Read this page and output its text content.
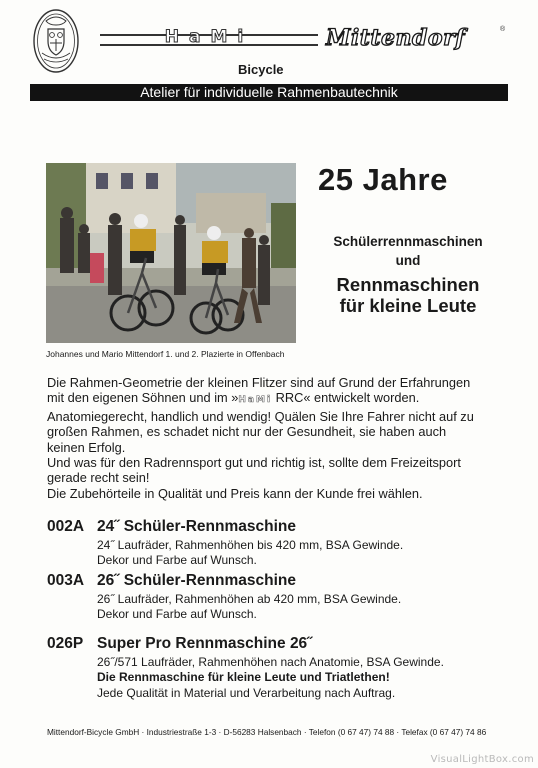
HaMi	Mittendorf	®
Bicycle
Atelier für individuelle Rahmenbautechnik
Johannes und Mario Mittendorf 1. und 2. Plazierte in Offenbach
25 Jahre
Schülerrennmaschinen
und
Rennmaschinen
für kleine Leute
Die Rahmen-Geometrie der kleinen Flitzer sind auf Grund der Erfahrungen
mit den eigenen Söhnen und im »HaMi RRC« entwickelt worden.
Anatomiegerecht, handlich und wendig! Quälen Sie Ihre Fahrer nicht auf zu
großen Rahmen, es schadet nicht nur der Gesundheit, sie haben auch
keinen Erfolg.
Und was für den Radrennsport gut und richtig ist, sollte dem Freizeitsport
gerade recht sein!
Die Zubehörteile in Qualität und Preis kann der Kunde frei wählen.
002A 24˝ Schüler-Rennmaschine
24˝ Laufräder, Rahmenhöhen bis 420 mm, BSA Gewinde.
Dekor und Farbe auf Wunsch.
003A 26˝ Schüler-Rennmaschine
26˝ Laufräder, Rahmenhöhen ab 420 mm, BSA Gewinde.
Dekor und Farbe auf Wunsch.
026P Super Pro Rennmaschine 26˝
26˝/571 Laufräder, Rahmenhöhen nach Anatomie, BSA Gewinde.
Die Rennmaschine für kleine Leute und Triatlethen!
Jede Qualität in Material und Verarbeitung nach Auftrag.
Mittendorf-Bicycle GmbH · Industriestraße 1-3 · D-56283 Halsenbach · Telefon (0 67 47) 74 88 · Telefax (0 67 47) 74 86
VisualLightBox.com
